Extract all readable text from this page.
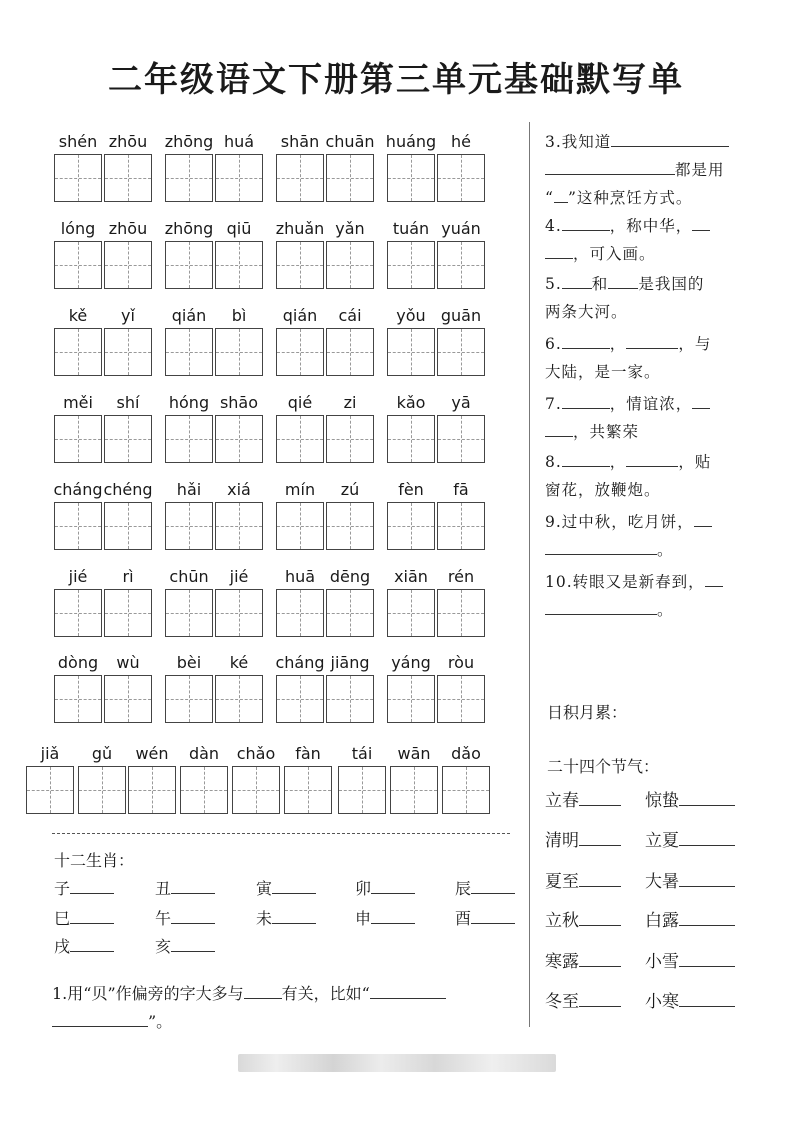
二年级语文下册第三单元基础默写单
shén zhōu	zhōng huá	shān chuān huáng hé
lóng zhōu	zhōng qiū	zhuǎn yǎn	tuán yuán
kě	yǐ	qián	bì	qián	cái	yǒu guān
měi	shí	hóng shāo	qié	zi	kǎo	yā
cháng chéng	hǎi	xiá	mín	zú	fèn	fā
jié	rì	chūn	jié	huā dēng	xiān	rén
dòng	wù	bèi	ké	cháng jiāng	yáng	ròu
jiǎ	gǔ	wén	dàn	chǎo	fàn	tái	wān	dǎo
十二生肖：
子	丑	寅	卯	辰
巳	午	未	申	酉
戌	亥
1.用“贝”作偏旁的字大多与 有关，比如“
”。
3.我知道
都是用
“ ”这种烹饪方式。
4.	，称中华，
，可入画。
5. 和 是我国的
两条大河。
6.	，	，与
大陆，是一家。
7.	，情谊浓，
，共繁荣
8.	，	，贴
窗花，放鞭炮。
9.过中秋，吃月饼，
。
10.转眼又是新春到，
。
日积月累：
二十四个节气：
立春	惊蛰
清明	立夏
夏至	大暑
立秋	白露
寒露	小雪
冬至	小寒
